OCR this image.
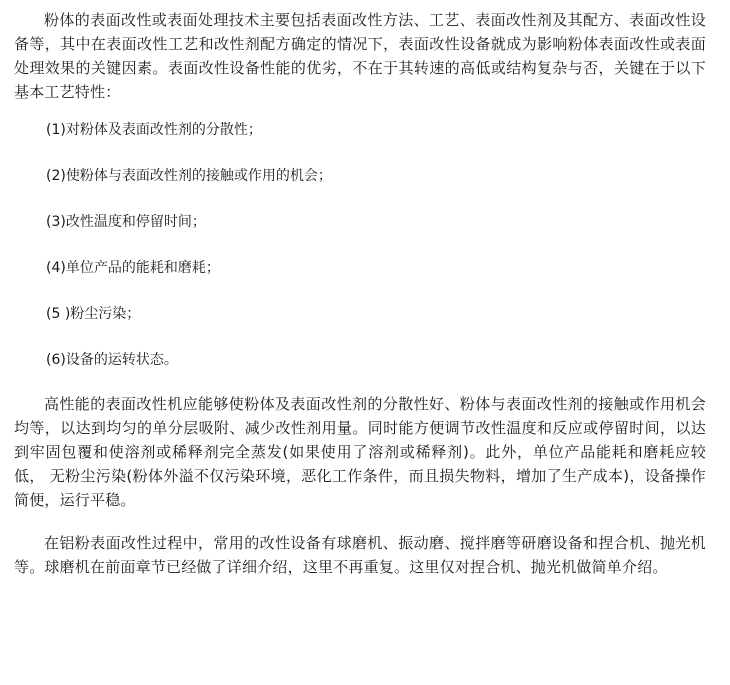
粉体的表面改性或表面处理技术主要包括表面改性方法、工艺、表面改性剂及其配方、表面改性设备等，其中在表面改性工艺和改性剂配方确定的情况下，表面改性设备就成为影响粉体表面改性或表面处理效果的关键因素。表面改性设备性能的优劣，不在于其转速的高低或结构复杂与否，关键在于以下基本工艺特性：

(1)对粉体及表面改性剂的分散性；

(2)使粉体与表面改性剂的接触或作用的机会；

(3)改性温度和停留时间；

(4)单位产品的能耗和磨耗；

(5 )粉尘污染；

(6)设备的运转状态。

高性能的表面改性机应能够使粉体及表面改性剂的分散性好、粉体与表面改性剂的接触或作用机会均等，以达到均匀的单分层吸附、减少改性剂用量。同时能方便调节改性温度和反应或停留时间，以达到牢固包覆和使溶剂或稀释剂完全蒸发(如果使用了溶剂或稀释剂)。此外，单位产品能耗和磨耗应较低， 无粉尘污染(粉体外溢不仅污染环境，恶化工作条件，而且损失物料，增加了生产成本)，设备操作简便，运行平稳。

在铝粉表面改性过程中，常用的改性设备有球磨机、振动磨、搅拌磨等研磨设备和捏合机、抛光机等。球磨机在前面章节已经做了详细介绍，这里不再重复。这里仅对捏合机、抛光机做简单介绍。
